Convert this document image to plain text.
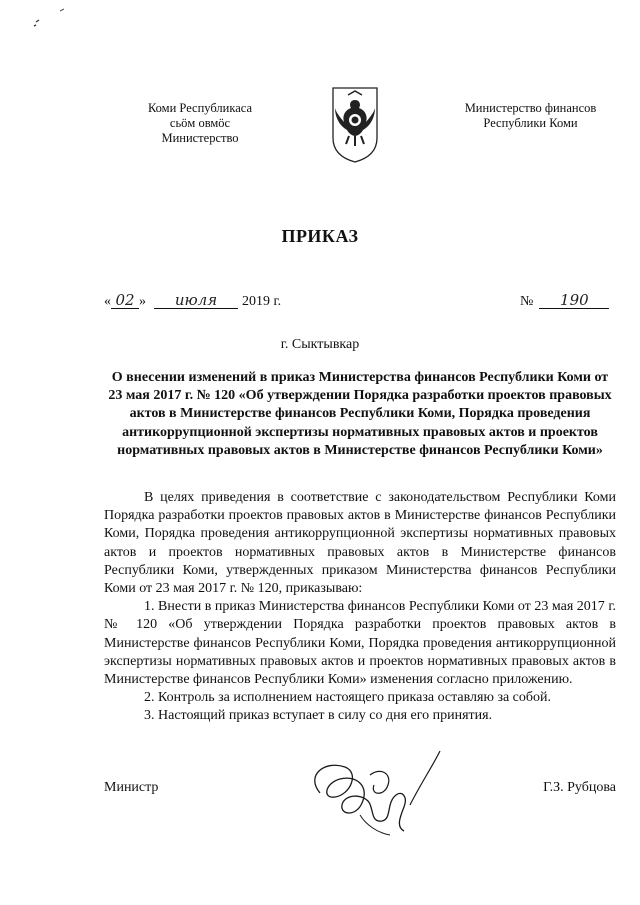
Коми Республикаса
сьӧм овмӧс
Министерство
Министерство финансов
Республики Коми
ПРИКАЗ
« 02 » июля 2019 г.	№ 190
г. Сыктывкар
О внесении изменений в приказ Министерства финансов Республики Коми от 23 мая 2017 г. № 120 «Об утверждении Порядка разработки проектов правовых актов в Министерстве финансов Республики Коми, Порядка проведения антикоррупционной экспертизы нормативных правовых актов и проектов нормативных правовых актов в Министерстве финансов Республики Коми»

В целях приведения в соответствие с законодательством Республики Коми Порядка разработки проектов правовых актов в Министерстве финансов Республики Коми, Порядка проведения антикоррупционной экспертизы нормативных правовых актов и проектов нормативных правовых актов в Министерстве финансов Республики Коми, утвержденных приказом Министерства финансов Республики Коми от 23 мая 2017 г. № 120, приказываю:

1. Внести в приказ Министерства финансов Республики Коми от 23 мая 2017 г. № 120 «Об утверждении Порядка разработки проектов правовых актов в Министерстве финансов Республики Коми, Порядка проведения антикоррупционной экспертизы нормативных правовых актов и проектов нормативных правовых актов в Министерстве финансов Республики Коми» изменения согласно приложению.

2. Контроль за исполнением настоящего приказа оставляю за собой.

3. Настоящий приказ вступает в силу со дня его принятия.

Министр	Г.З. Рубцова
